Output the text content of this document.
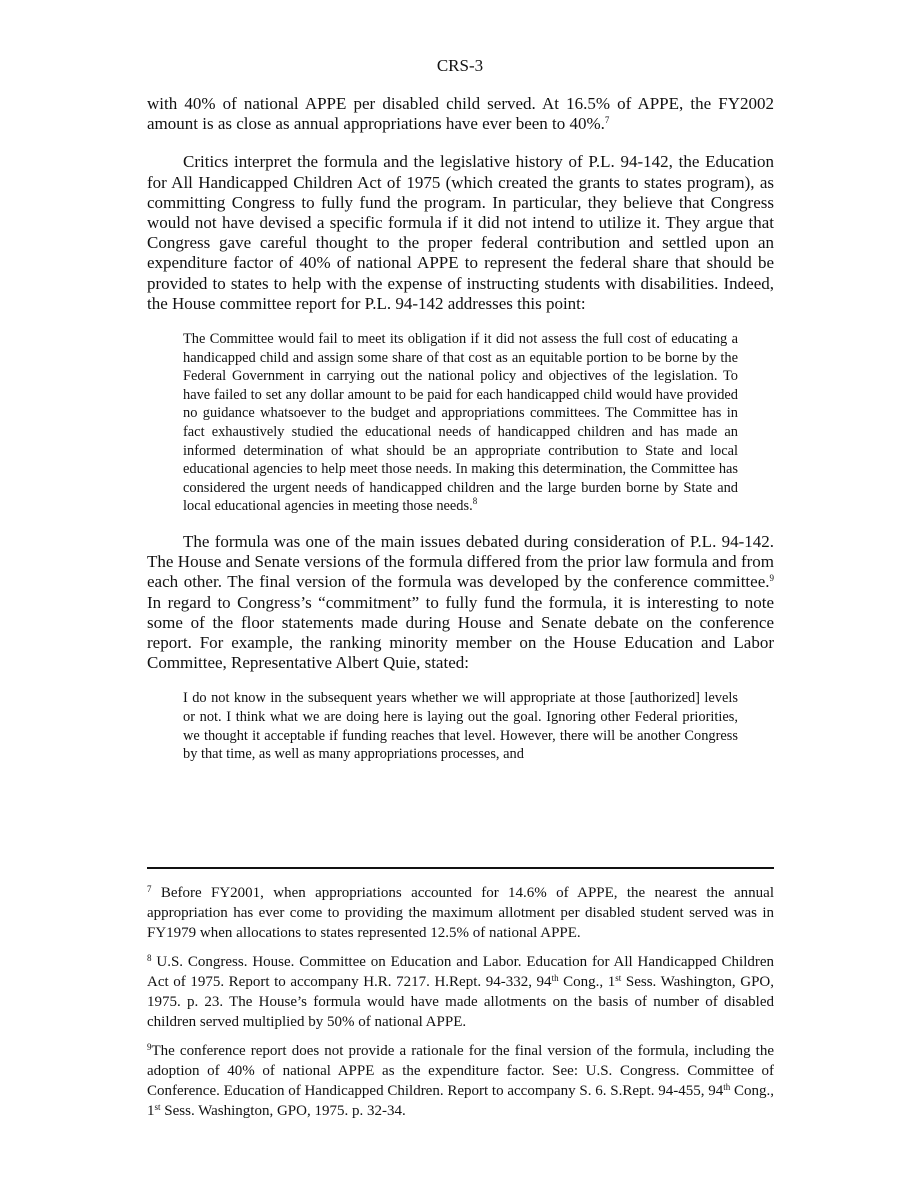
CRS-3

with 40% of national APPE per disabled child served. At 16.5% of APPE, the FY2002 amount is as close as annual appropriations have ever been to 40%.$^7$

Critics interpret the formula and the legislative history of P.L. 94-142, the Education for All Handicapped Children Act of 1975 (which created the grants to states program), as committing Congress to fully fund the program. In particular, they believe that Congress would not have devised a specific formula if it did not intend to utilize it. They argue that Congress gave careful thought to the proper federal contribution and settled upon an expenditure factor of 40% of national APPE to represent the federal share that should be provided to states to help with the expense of instructing students with disabilities. Indeed, the House committee report for P.L. 94-142 addresses this point:

The Committee would fail to meet its obligation if it did not assess the full cost of educating a handicapped child and assign some share of that cost as an equitable portion to be borne by the Federal Government in carrying out the national policy and objectives of the legislation. To have failed to set any dollar amount to be paid for each handicapped child would have provided no guidance whatsoever to the budget and appropriations committees. The Committee has in fact exhaustively studied the educational needs of handicapped children and has made an informed determination of what should be an appropriate contribution to State and local educational agencies to help meet those needs. In making this determination, the Committee has considered the urgent needs of handicapped children and the large burden borne by State and local educational agencies in meeting those needs.$^8$

The formula was one of the main issues debated during consideration of P.L. 94-142. The House and Senate versions of the formula differed from the prior law formula and from each other. The final version of the formula was developed by the conference committee.$^9$ In regard to Congress’s “commitment” to fully fund the formula, it is interesting to note some of the floor statements made during House and Senate debate on the conference report. For example, the ranking minority member on the House Education and Labor Committee, Representative Albert Quie, stated:

I do not know in the subsequent years whether we will appropriate at those [authorized] levels or not. I think what we are doing here is laying out the goal. Ignoring other Federal priorities, we thought it acceptable if funding reaches that level. However, there will be another Congress by that time, as well as many appropriations processes, and

$^7$ Before FY2001, when appropriations accounted for 14.6% of APPE, the nearest the annual appropriation has ever come to providing the maximum allotment per disabled student served was in FY1979 when allocations to states represented 12.5% of national APPE.

$^8$ U.S. Congress. House. Committee on Education and Labor. Education for All Handicapped Children Act of 1975. Report to accompany H.R. 7217. H.Rept. 94-332, 94th Cong., 1st Sess. Washington, GPO, 1975. p. 23. The House’s formula would have made allotments on the basis of number of disabled children served multiplied by 50% of national APPE.

$^9$The conference report does not provide a rationale for the final version of the formula, including the adoption of 40% of national APPE as the expenditure factor. See: U.S. Congress. Committee of Conference. Education of Handicapped Children. Report to accompany S. 6. S.Rept. 94-455, 94th Cong., 1st Sess. Washington, GPO, 1975. p. 32-34.
